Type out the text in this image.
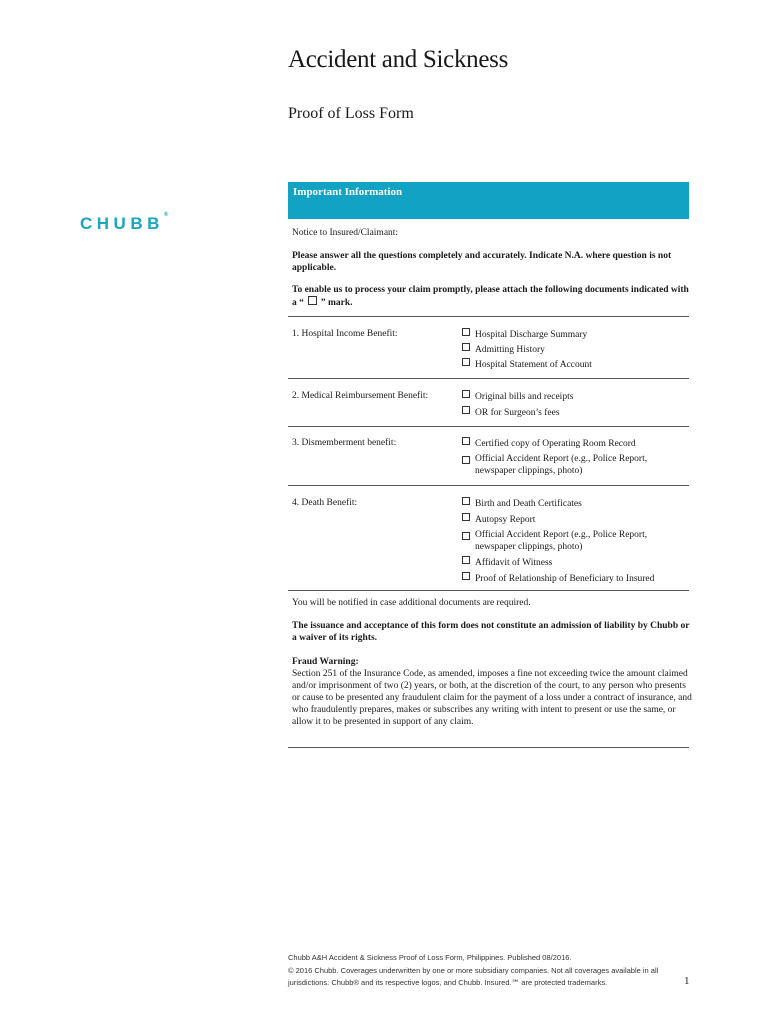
Accident and Sickness
Proof of Loss Form
CHUBB®
Important Information
Notice to Insured/Claimant:
Please answer all the questions completely and accurately. Indicate N.A. where question is not applicable.
To enable us to process your claim promptly, please attach the following documents indicated with a “ ” mark.
1. Hospital Income Benefit:	Hospital Discharge Summary
Admitting History
Hospital Statement of Account
2. Medical Reimbursement Benefit:	Original bills and receipts
OR for Surgeon’s fees
3. Dismemberment benefit:	Certified copy of Operating Room Record
Official Accident Report (e.g., Police Report, newspaper clippings, photo)
4. Death Benefit:	Birth and Death Certificates
Autopsy Report
Official Accident Report (e.g., Police Report, newspaper clippings, photo)
Affidavit of Witness
Proof of Relationship of Beneficiary to Insured
You will be notified in case additional documents are required.
The issuance and acceptance of this form does not constitute an admission of liability by Chubb or a waiver of its rights.
Fraud Warning:
Section 251 of the Insurance Code, as amended, imposes a fine not exceeding twice the amount claimed and/or imprisonment of two (2) years, or both, at the discretion of the court, to any person who presents or cause to be presented any fraudulent claim for the payment of a loss under a contract of insurance, and who fraudulently prepares, makes or subscribes any writing with intent to present or use the same, or allow it to be presented in support of any claim.
Chubb A&H Accident & Sickness Proof of Loss Form, Philippines. Published 08/2016.
© 2016 Chubb. Coverages underwritten by one or more subsidiary companies. Not all coverages available in all jurisdictions. Chubb® and its respective logos, and Chubb. Insured.℠ are protected trademarks.	1
